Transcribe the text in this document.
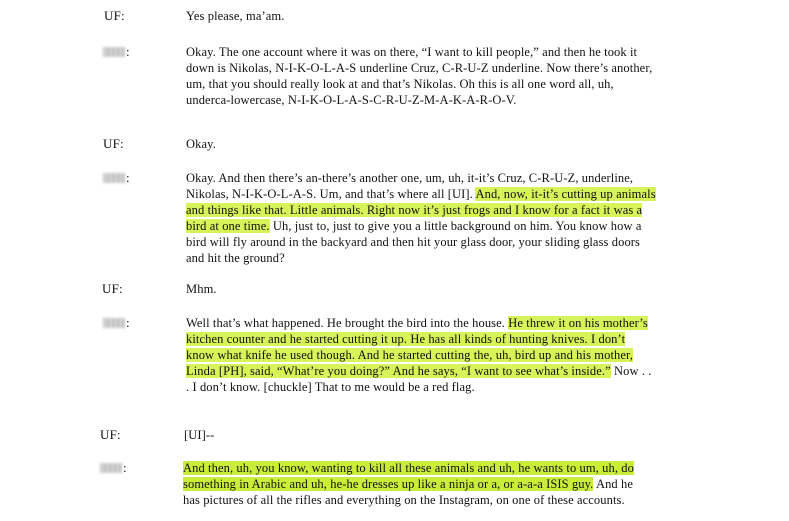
UF:	Yes please, ma’am.
:	Okay. The one account where it was on there, “I want to kill people,” and then he took it down is Nikolas, N-I-K-O-L-A-S underline Cruz, C-R-U-Z underline. Now there’s another, um, that you should really look at and that’s Nikolas. Oh this is all one word all, uh, underca-lowercase, N-I-K-O-L-A-S-C-R-U-Z-M-A-K-A-R-O-V.
UF:	Okay.
:	Okay. And then there’s an-there’s another one, um, uh, it-it’s Cruz, C-R-U-Z, underline, Nikolas, N-I-K-O-L-A-S. Um, and that’s where all [UI]. And, now, it-it’s cutting up animals and things like that. Little animals. Right now it’s just frogs and I know for a fact it was a bird at one time. Uh, just to, just to give you a little background on him. You know how a bird will fly around in the backyard and then hit your glass door, your sliding glass doors and hit the ground?
UF:	Mhm.
:	Well that’s what happened. He brought the bird into the house. He threw it on his mother’s kitchen counter and he started cutting it up. He has all kinds of hunting knives. I don’t know what knife he used though. And he started cutting the, uh, bird up and his mother, Linda [PH], said, “What’re you doing?” And he says, “I want to see what’s inside.” Now . . . I don’t know. [chuckle] That to me would be a red flag.
UF:	[UI]--
:	And then, uh, you know, wanting to kill all these animals and uh, he wants to um, uh, do something in Arabic and uh, he-he dresses up like a ninja or a, or a-a-a ISIS guy. And he has pictures of all the rifles and everything on the Instagram, on one of these accounts.
